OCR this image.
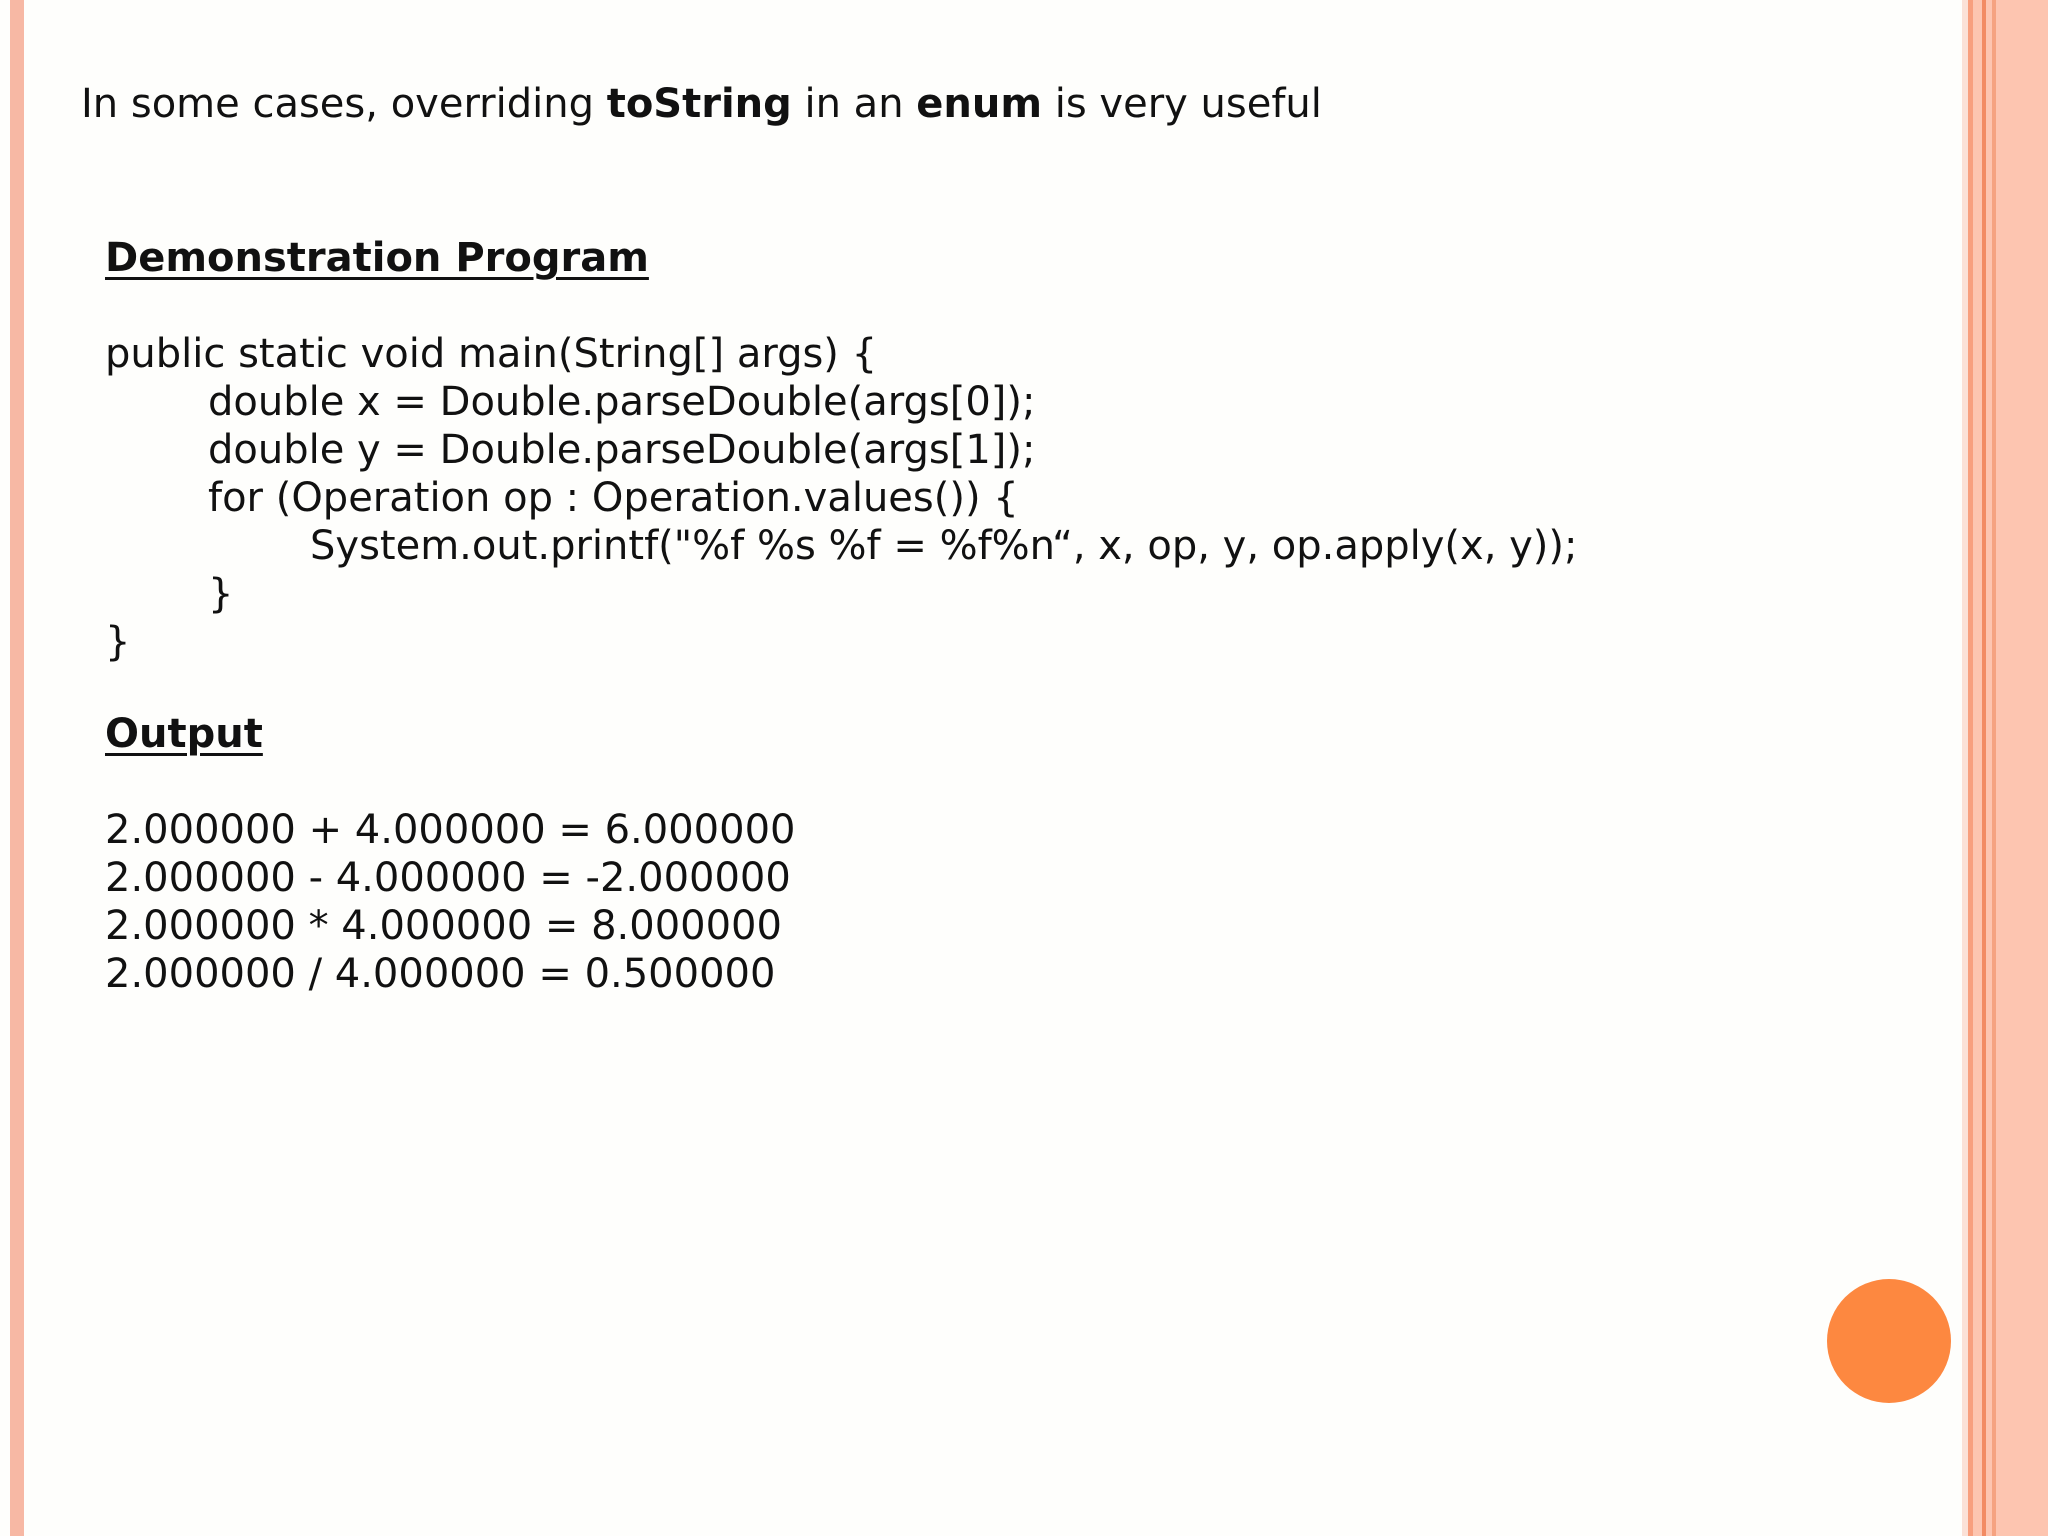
In some cases, overriding toString in an enum is very useful
Demonstration Program
public static void main(String[] args) {
double x = Double.parseDouble(args[0]);
double y = Double.parseDouble(args[1]);
for (Operation op : Operation.values()) {
System.out.printf("%f %s %f = %f%n“, x, op, y, op.apply(x, y));
}
}
Output
2.000000 + 4.000000 = 6.000000
2.000000 - 4.000000 = -2.000000
2.000000 * 4.000000 = 8.000000
2.000000 / 4.000000 = 0.500000
